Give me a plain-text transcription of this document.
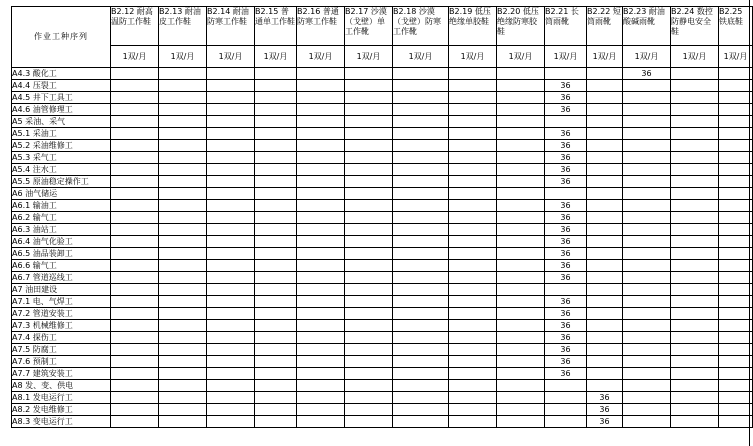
作业工种序列	B2.12 耐高温防工作鞋	B2.13 耐油皮工作鞋	B2.14 耐油防寒工作鞋	B2.15 普通单工作鞋	B2.16 普通防寒工作鞋	B2.17 沙漠（戈壁）单工作靴	B2.18 沙漠（戈壁）防寒工作靴	B2.19 低压绝缘单胶鞋	B2.20 低压绝缘防寒胶鞋	B2.21 长筒雨靴	B2.22 短筒雨靴	B2.23 耐油酸碱雨靴	B2.24 数控防静电安全鞋	B2.25 铁底鞋
	1双/月	1双/月	1双/月	1双/月	1双/月	1双/月	1双/月	1双/月	1双/月	1双/月	1双/月	1双/月	1双/月	1双/月
A4.3 酸化工												36		
A4.4 压裂工										36				
A4.5 井下工具工										36				
A4.6 油管修理工										36				
A5 采油、采气														
A5.1 采油工										36				
A5.2 采油维修工										36				
A5.3 采气工										36				
A5.4 注水工										36				
A5.5 原油稳定操作工										36				
A6 油气储运														
A6.1 输油工										36				
A6.2 输气工										36				
A6.3 油站工										36				
A6.4 油气化验工										36				
A6.5 油品装卸工										36				
A6.6 输气工										36				
A6.7 管道巡线工										36				
A7 油田建设														
A7.1 电、气焊工										36				
A7.2 管道安装工										36				
A7.3 机械维修工										36				
A7.4 探伤工										36				
A7.5 防腐工										36				
A7.6 预制工										36				
A7.7 建筑安装工										36				
A8 发、变、供电														
A8.1 发电运行工											36			
A8.2 发电维修工											36			
A8.3 变电运行工											36			
